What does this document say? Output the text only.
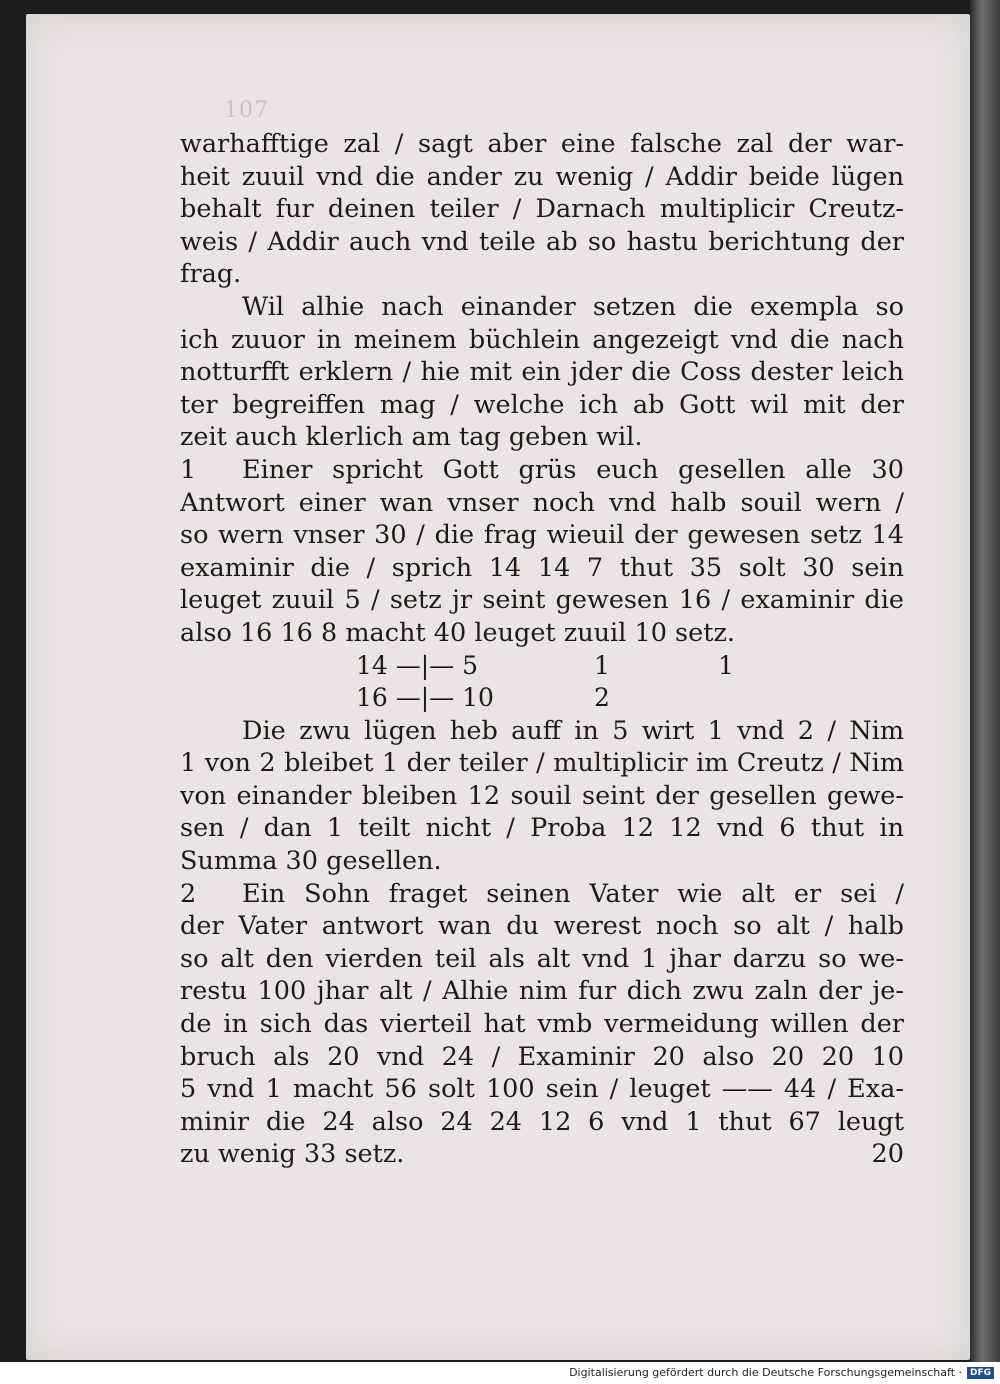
107
warhafftige zal / sagt aber eine falsche zal der war-
heit zuuil vnd die ander zu wenig / Addir beide lügen
behalt fur deinen teiler / Darnach multiplicir Creutz-
weis / Addir auch vnd teile ab so hastu berichtung der
frag.
Wil alhie nach einander setzen die exempla so
ich zuuor in meinem büchlein angezeigt vnd die nach
notturfft erklern / hie mit ein jder die Coss dester leich
ter begreiffen mag / welche ich ab Gott wil mit der
zeit auch klerlich am tag geben wil.
1 Einer spricht Gott grüs euch gesellen alle 30
Antwort einer wan vnser noch vnd halb souil wern /
so wern vnser 30 / die frag wieuil der gewesen setz 14
examinir die / sprich 14 14 7 thut 35 solt 30 sein
leuget zuuil 5 / setz jr seint gewesen 16 / examinir die
also 16 16 8 macht 40 leuget zuuil 10 setz.
14 —|— 5	1	1
16 —|— 10	2
Die zwu lügen heb auff in 5 wirt 1 vnd 2 / Nim
1 von 2 bleibet 1 der teiler / multiplicir im Creutz / Nim
von einander bleiben 12 souil seint der gesellen gewe-
sen / dan 1 teilt nicht / Proba 12 12 vnd 6 thut in
Summa 30 gesellen.
2 Ein Sohn fraget seinen Vater wie alt er sei /
der Vater antwort wan du werest noch so alt / halb
so alt den vierden teil als alt vnd 1 jhar darzu so we-
restu 100 jhar alt / Alhie nim fur dich zwu zaln der je-
de in sich das vierteil hat vmb vermeidung willen der
bruch als 20 vnd 24 / Examinir 20 also 20 20 10
5 vnd 1 macht 56 solt 100 sein / leuget —— 44 / Exa-
minir die 24 also 24 24 12 6 vnd 1 thut 67 leugt
zu wenig 33 setz.	20
Digitalisierung gefördert durch die Deutsche Forschungsgemeinschaft · DFG
